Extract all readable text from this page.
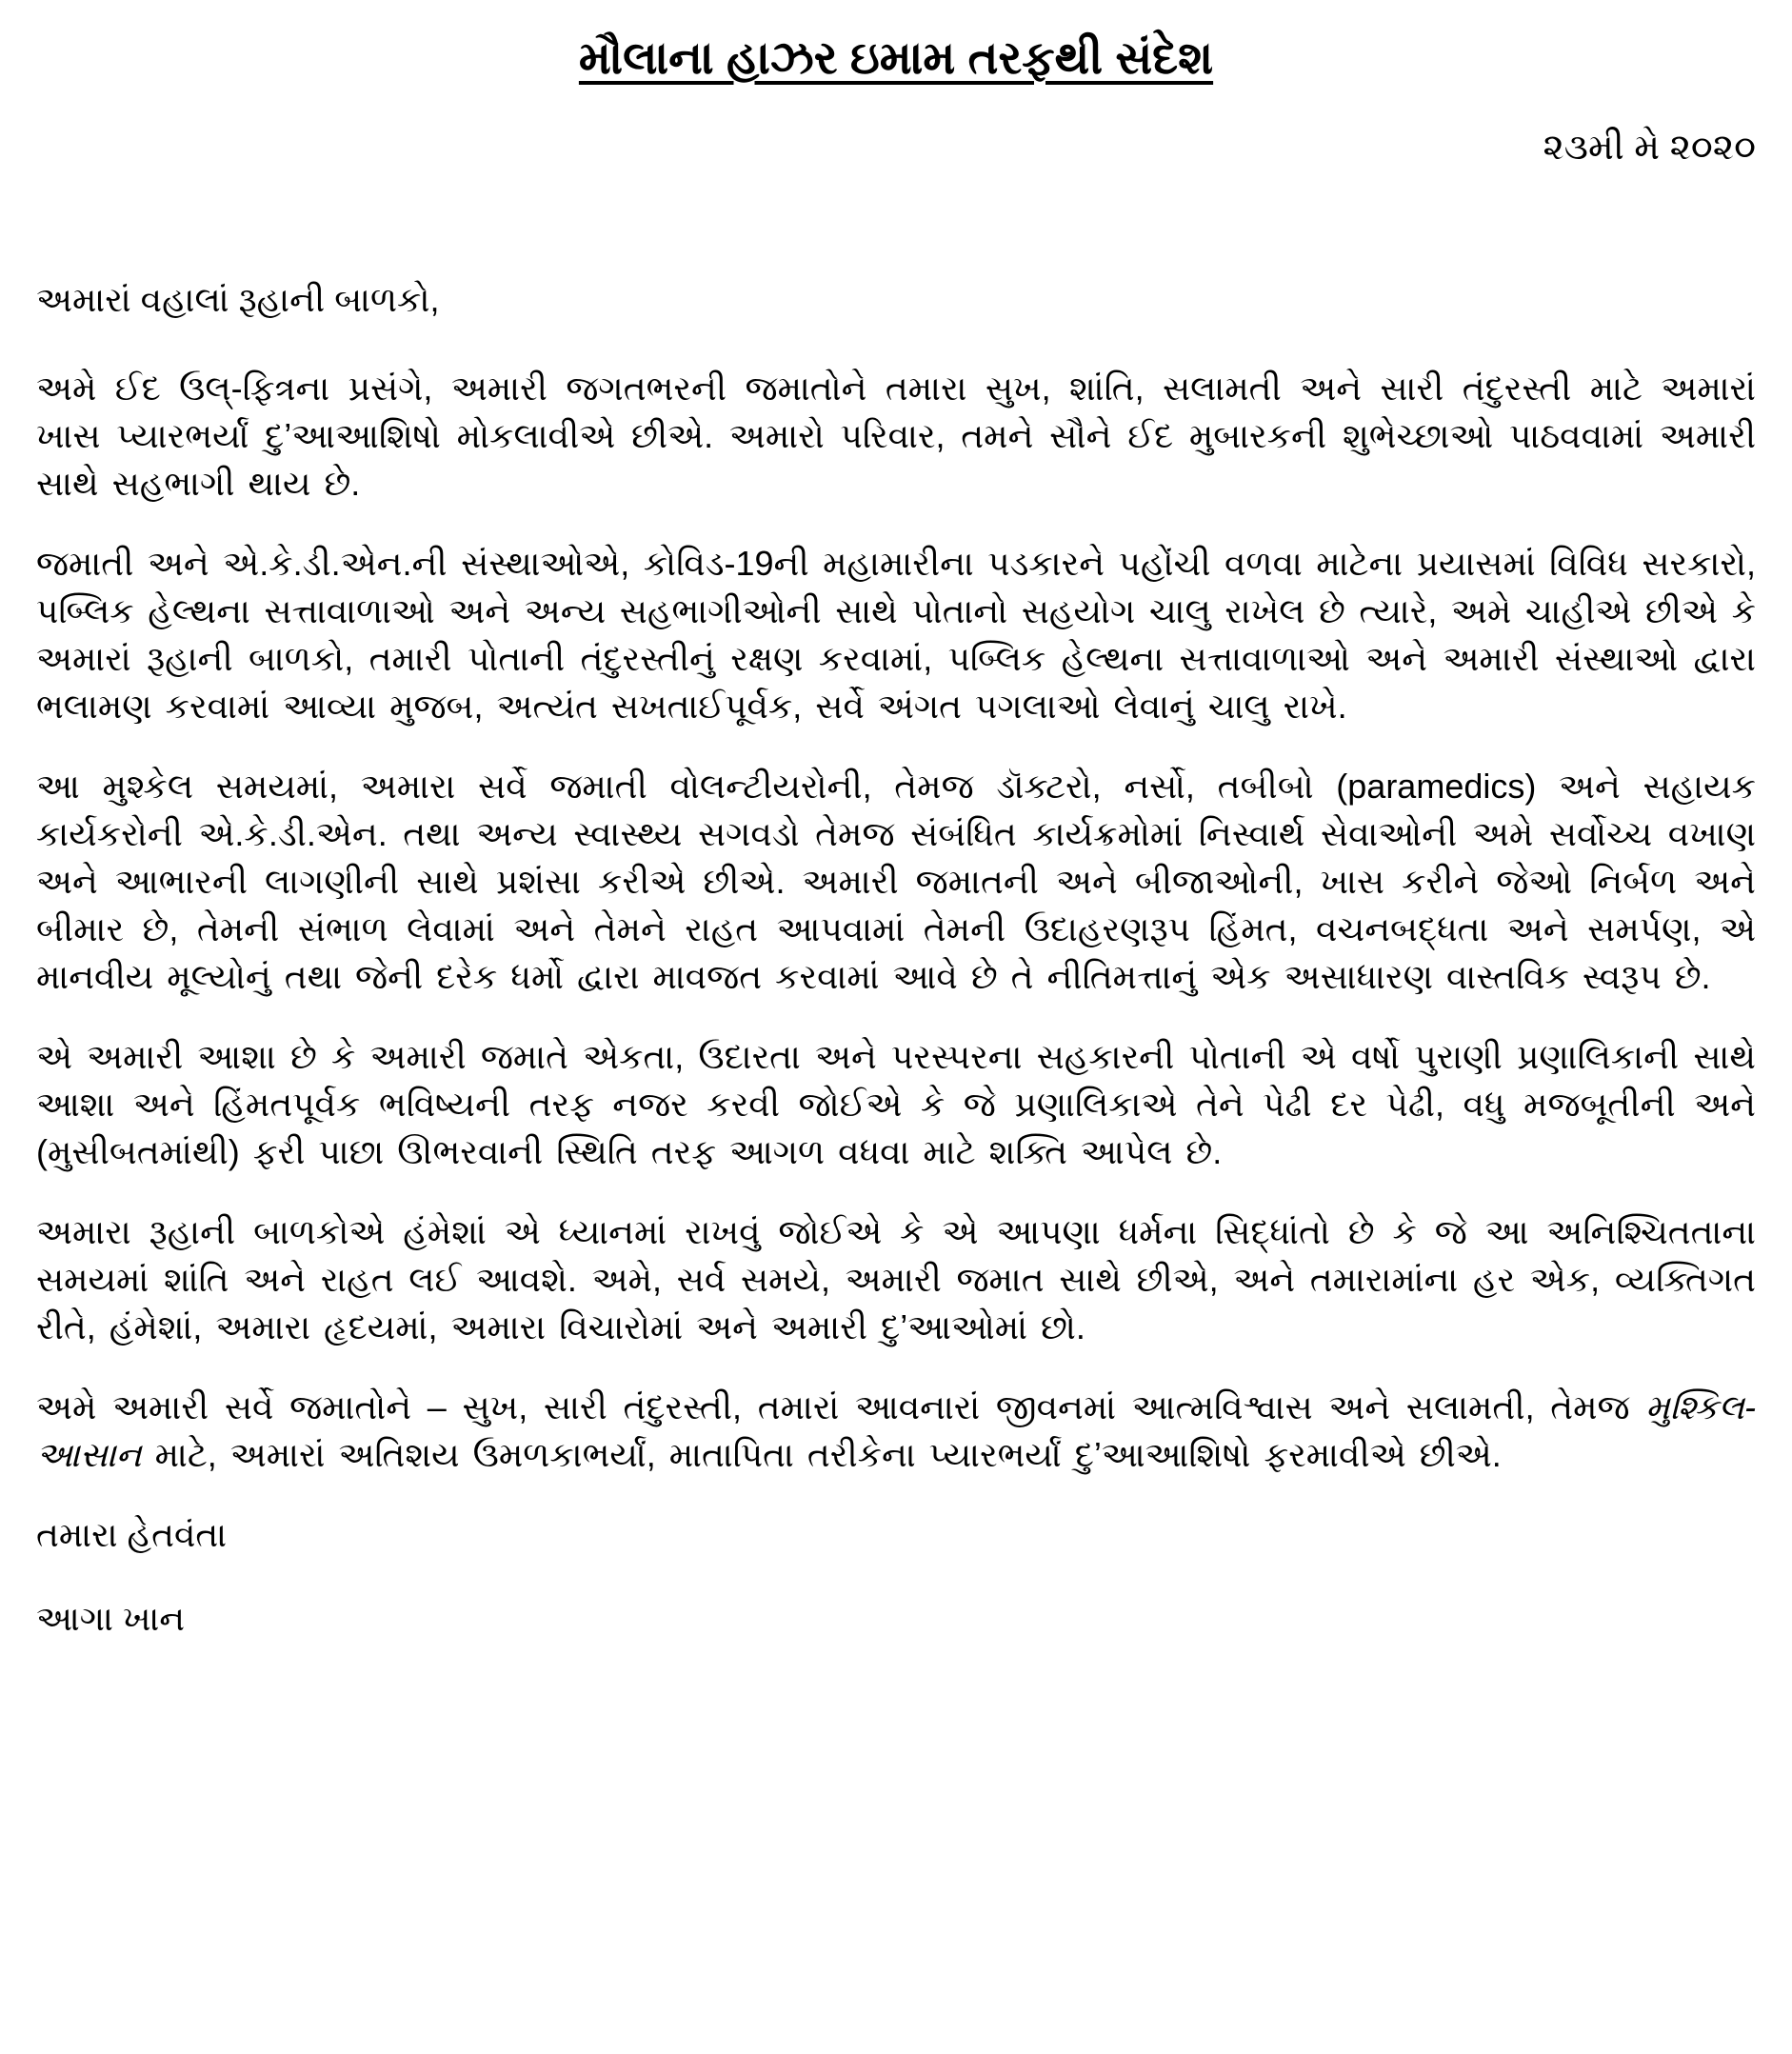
મૌલાના હાઝર ઇમામ તરફથી સંદેશ

૨૩મી મે ૨૦૨૦

અમારાં વહાલાં રૂહાની બાળકો,

અમે ઈદ ઉલ્-ફિત્રના પ્રસંગે, અમારી જગતભરની જમાતોને તમારા સુખ, શાંતિ, સલામતી અને સારી તંદુરસ્તી માટે અમારાં ખાસ પ્યારભર્યાં દુ’આઆશિષો મોકલાવીએ છીએ. અમારો પરિવાર, તમને સૌને ઈદ મુબારકની શુભેચ્છાઓ પાઠવવામાં અમારી સાથે સહભાગી થાય છે.

જમાતી અને એ.કે.ડી.એન.ની સંસ્થાઓએ, કોવિડ-19ની મહામારીના પડકારને પહોંચી વળવા માટેના પ્રયાસમાં વિવિધ સરકારો, પબ્લિક હેલ્થના સત્તાવાળાઓ અને અન્ય સહભાગીઓની સાથે પોતાનો સહયોગ ચાલુ રાખેલ છે ત્યારે, અમે ચાહીએ છીએ કે અમારાં રૂહાની બાળકો, તમારી પોતાની તંદુરસ્તીનું રક્ષણ કરવામાં, પબ્લિક હેલ્થના સત્તાવાળાઓ અને અમારી સંસ્થાઓ દ્વારા ભલામણ કરવામાં આવ્યા મુજબ, અત્યંત સખતાઈપૂર્વક, સર્વે અંગત પગલાઓ લેવાનું ચાલુ રાખે.

આ મુશ્કેલ સમયમાં, અમારા સર્વે જમાતી વોલન્ટીયરોની, તેમજ ડૉક્ટરો, નર્સો, તબીબો (paramedics) અને સહાયક કાર્યકરોની એ.કે.ડી.એન. તથા અન્ય સ્વાસ્થ્ય સગવડો તેમજ સંબંધિત કાર્યક્રમોમાં નિસ્વાર્થ સેવાઓની અમે સર્વોચ્ચ વખાણ અને આભારની લાગણીની સાથે પ્રશંસા કરીએ છીએ. અમારી જમાતની અને બીજાઓની, ખાસ કરીને જેઓ નિર્બળ અને બીમાર છે, તેમની સંભાળ લેવામાં અને તેમને રાહત આપવામાં તેમની ઉદાહરણરૂપ હિંમત, વચનબદ્ધતા અને સમર્પણ, એ માનવીય મૂલ્યોનું તથા જેની દરેક ધર્મો દ્વારા માવજત કરવામાં આવે છે તે નીતિમત્તાનું એક અસાધારણ વાસ્તવિક સ્વરૂપ છે.

એ અમારી આશા છે કે અમારી જમાતે એકતા, ઉદારતા અને પરસ્પરના સહકારની પોતાની એ વર્ષો પુરાણી પ્રણાલિકાની સાથે આશા અને હિંમતપૂર્વક ભવિષ્યની તરફ નજર કરવી જોઈએ કે જે પ્રણાલિકાએ તેને પેઢી દર પેઢી, વધુ મજબૂતીની અને (મુસીબતમાંથી) ફરી પાછા ઊભરવાની સ્થિતિ તરફ આગળ વધવા માટે શક્તિ આપેલ છે.

અમારા રૂહાની બાળકોએ હંમેશાં એ ધ્યાનમાં રાખવું જોઈએ કે એ આપણા ધર્મના સિદ્ધાંતો છે કે જે આ અનિશ્ચિતતાના સમયમાં શાંતિ અને રાહત લઈ આવશે. અમે, સર્વ સમયે, અમારી જમાત સાથે છીએ, અને તમારામાંના હર એક, વ્યક્તિગત રીતે, હંમેશાં, અમારા હૃદયમાં, અમારા વિચારોમાં અને અમારી દુ’આઓમાં છો.

અમે અમારી સર્વે જમાતોને – સુખ, સારી તંદુરસ્તી, તમારાં આવનારાં જીવનમાં આત્મવિશ્વાસ અને સલામતી, તેમજ મુશ્કિલ-આસાન માટે, અમારાં અતિશય ઉમળકાભર્યાં, માતાપિતા તરીકેના પ્યારભર્યાં દુ’આઆશિષો ફરમાવીએ છીએ.

તમારા હેતવંતા

આગા ખાન
